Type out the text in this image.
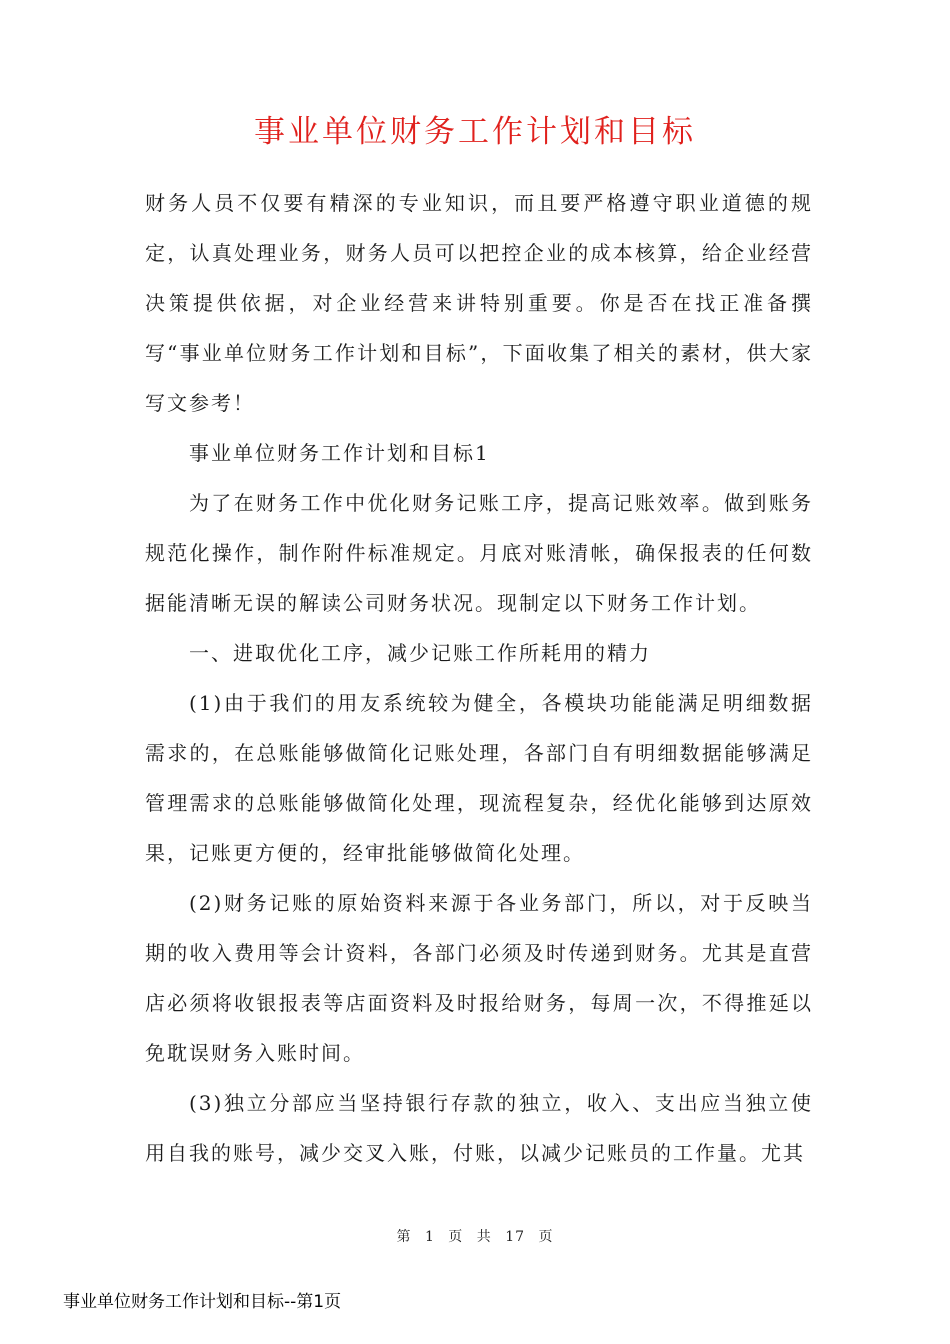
事业单位财务工作计划和目标

财务人员不仅要有精深的专业知识，而且要严格遵守职业道德的规定，认真处理业务，财务人员可以把控企业的成本核算，给企业经营决策提供依据，对企业经营来讲特别重要。你是否在找正准备撰写“事业单位财务工作计划和目标”，下面收集了相关的素材，供大家写文参考！

事业单位财务工作计划和目标1

为了在财务工作中优化财务记账工序，提高记账效率。做到账务规范化操作，制作附件标准规定。月底对账清帐，确保报表的任何数据能清晰无误的解读公司财务状况。现制定以下财务工作计划。

一、进取优化工序，减少记账工作所耗用的精力

(1)由于我们的用友系统较为健全，各模块功能能满足明细数据需求的，在总账能够做简化记账处理，各部门自有明细数据能够满足管理需求的总账能够做简化处理，现流程复杂，经优化能够到达原效果，记账更方便的，经审批能够做简化处理。

(2)财务记账的原始资料来源于各业务部门，所以，对于反映当期的收入费用等会计资料，各部门必须及时传递到财务。尤其是直营店必须将收银报表等店面资料及时报给财务，每周一次，不得推延以免耽误财务入账时间。

(3)独立分部应当坚持银行存款的独立，收入、支出应当独立使用自我的账号，减少交叉入账，付账，以减少记账员的工作量。尤其

第 1 页 共 17 页
事业单位财务工作计划和目标--第1页
